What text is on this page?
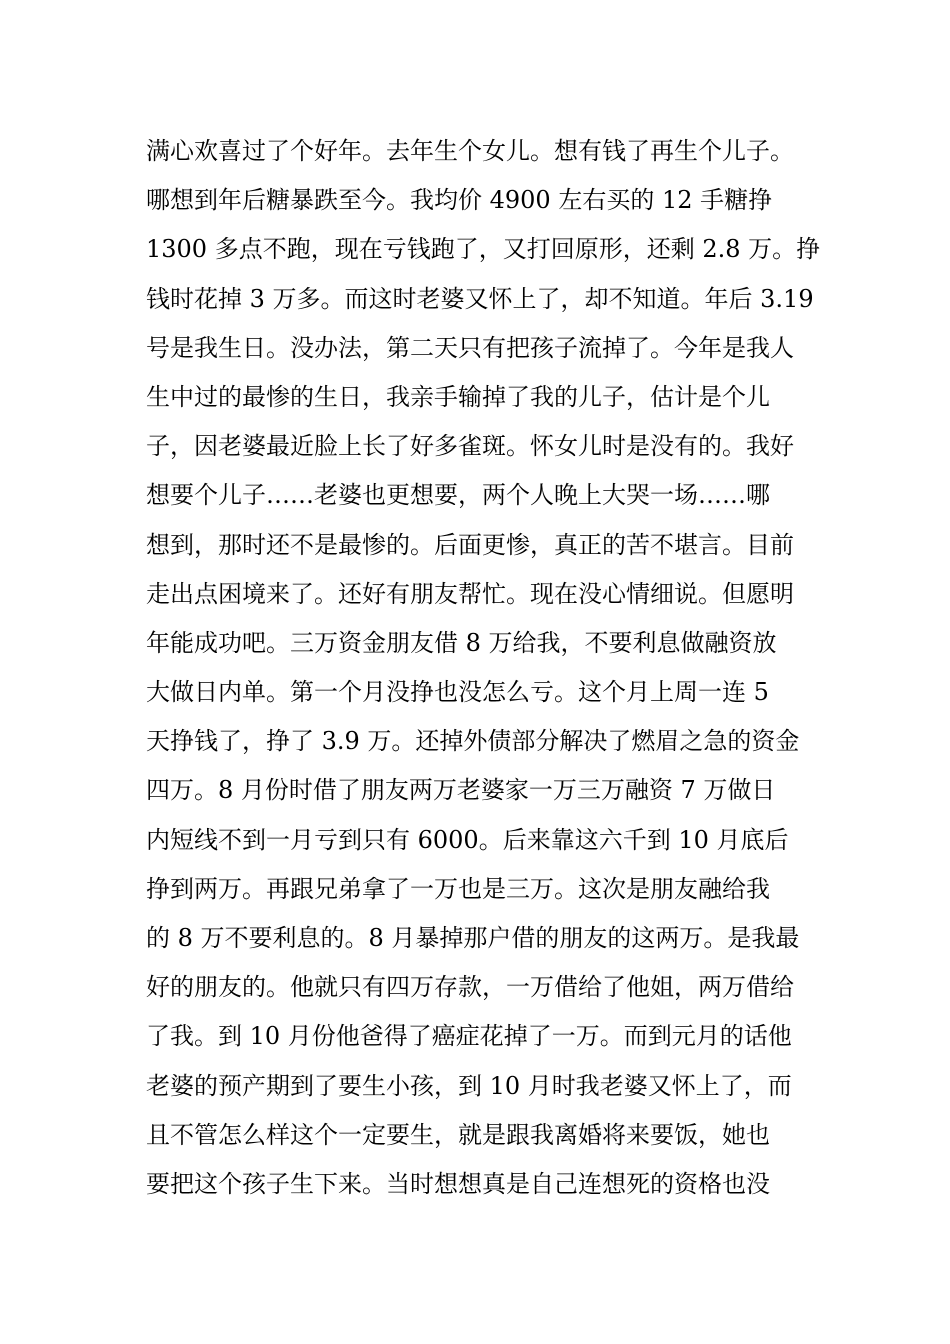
满心欢喜过了个好年。去年生个女儿。想有钱了再生个儿子。
哪想到年后糖暴跌至今。我均价 4900 左右买的 12 手糖挣
1300 多点不跑，现在亏钱跑了，又打回原形，还剩 2.8 万。挣
钱时花掉 3 万多。而这时老婆又怀上了，却不知道。年后 3.19
号是我生日。没办法，第二天只有把孩子流掉了。今年是我人
生中过的最惨的生日，我亲手输掉了我的儿子，估计是个儿
子，因老婆最近脸上长了好多雀斑。怀女儿时是没有的。我好
想要个儿子……老婆也更想要，两个人晚上大哭一场……哪
想到，那时还不是最惨的。后面更惨，真正的苦不堪言。目前
走出点困境来了。还好有朋友帮忙。现在没心情细说。但愿明
年能成功吧。三万资金朋友借 8 万给我，不要利息做融资放
大做日内单。第一个月没挣也没怎么亏。这个月上周一连 5
天挣钱了，挣了 3.9 万。还掉外债部分解决了燃眉之急的资金
四万。8 月份时借了朋友两万老婆家一万三万融资 7 万做日
内短线不到一月亏到只有 6000。后来靠这六千到 10 月底后
挣到两万。再跟兄弟拿了一万也是三万。这次是朋友融给我
的 8 万不要利息的。8 月暴掉那户借的朋友的这两万。是我最
好的朋友的。他就只有四万存款，一万借给了他姐，两万借给
了我。到 10 月份他爸得了癌症花掉了一万。而到元月的话他
老婆的预产期到了要生小孩，到 10 月时我老婆又怀上了，而
且不管怎么样这个一定要生，就是跟我离婚将来要饭，她也
要把这个孩子生下来。当时想想真是自己连想死的资格也没
